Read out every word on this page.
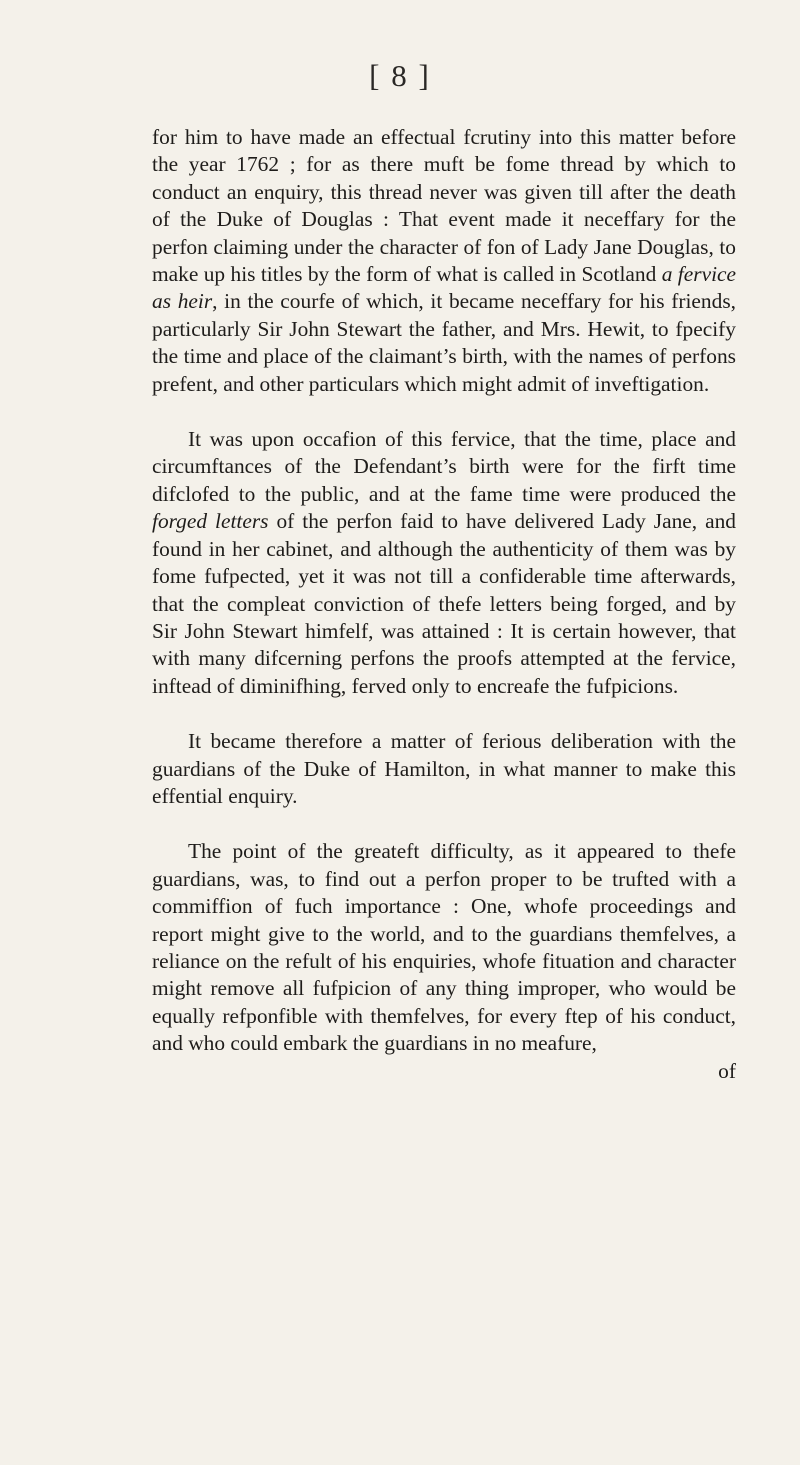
[ 8 ]

for him to have made an effectual fcrutiny into this matter before the year 1762 ; for as there muft be fome thread by which to conduct an enquiry, this thread never was given till after the death of the Duke of Douglas : That event made it neceffary for the perfon claiming under the character of fon of Lady Jane Douglas, to make up his titles by the form of what is called in Scotland a fervice as heir, in the courfe of which, it became neceffary for his friends, particularly Sir John Stewart the father, and Mrs. Hewit, to fpecify the time and place of the claimant’s birth, with the names of perfons prefent, and other particulars which might admit of inveftigation.

It was upon occafion of this fervice, that the time, place and circumftances of the Defendant’s birth were for the firft time difclofed to the public, and at the fame time were produced the forged letters of the perfon faid to have delivered Lady Jane, and found in her cabinet, and although the authenticity of them was by fome fufpected, yet it was not till a confiderable time afterwards, that the compleat conviction of thefe letters being forged, and by Sir John Stewart himfelf, was attained : It is certain however, that with many difcerning perfons the proofs attempted at the fervice, inftead of diminifhing, ferved only to encreafe the fufpicions.

It became therefore a matter of ferious deliberation with the guardians of the Duke of Hamilton, in what manner to make this effential enquiry.

The point of the greateft difficulty, as it appeared to thefe guardians, was, to find out a perfon proper to be trufted with a commiffion of fuch importance : One, whofe proceedings and report might give to the world, and to the guardians themfelves, a reliance on the refult of his enquiries, whofe fituation and character might remove all fufpicion of any thing improper, who would be equally refponfible with themfelves, for every ftep of his conduct, and who could embark the guardians in no meafure,

of
